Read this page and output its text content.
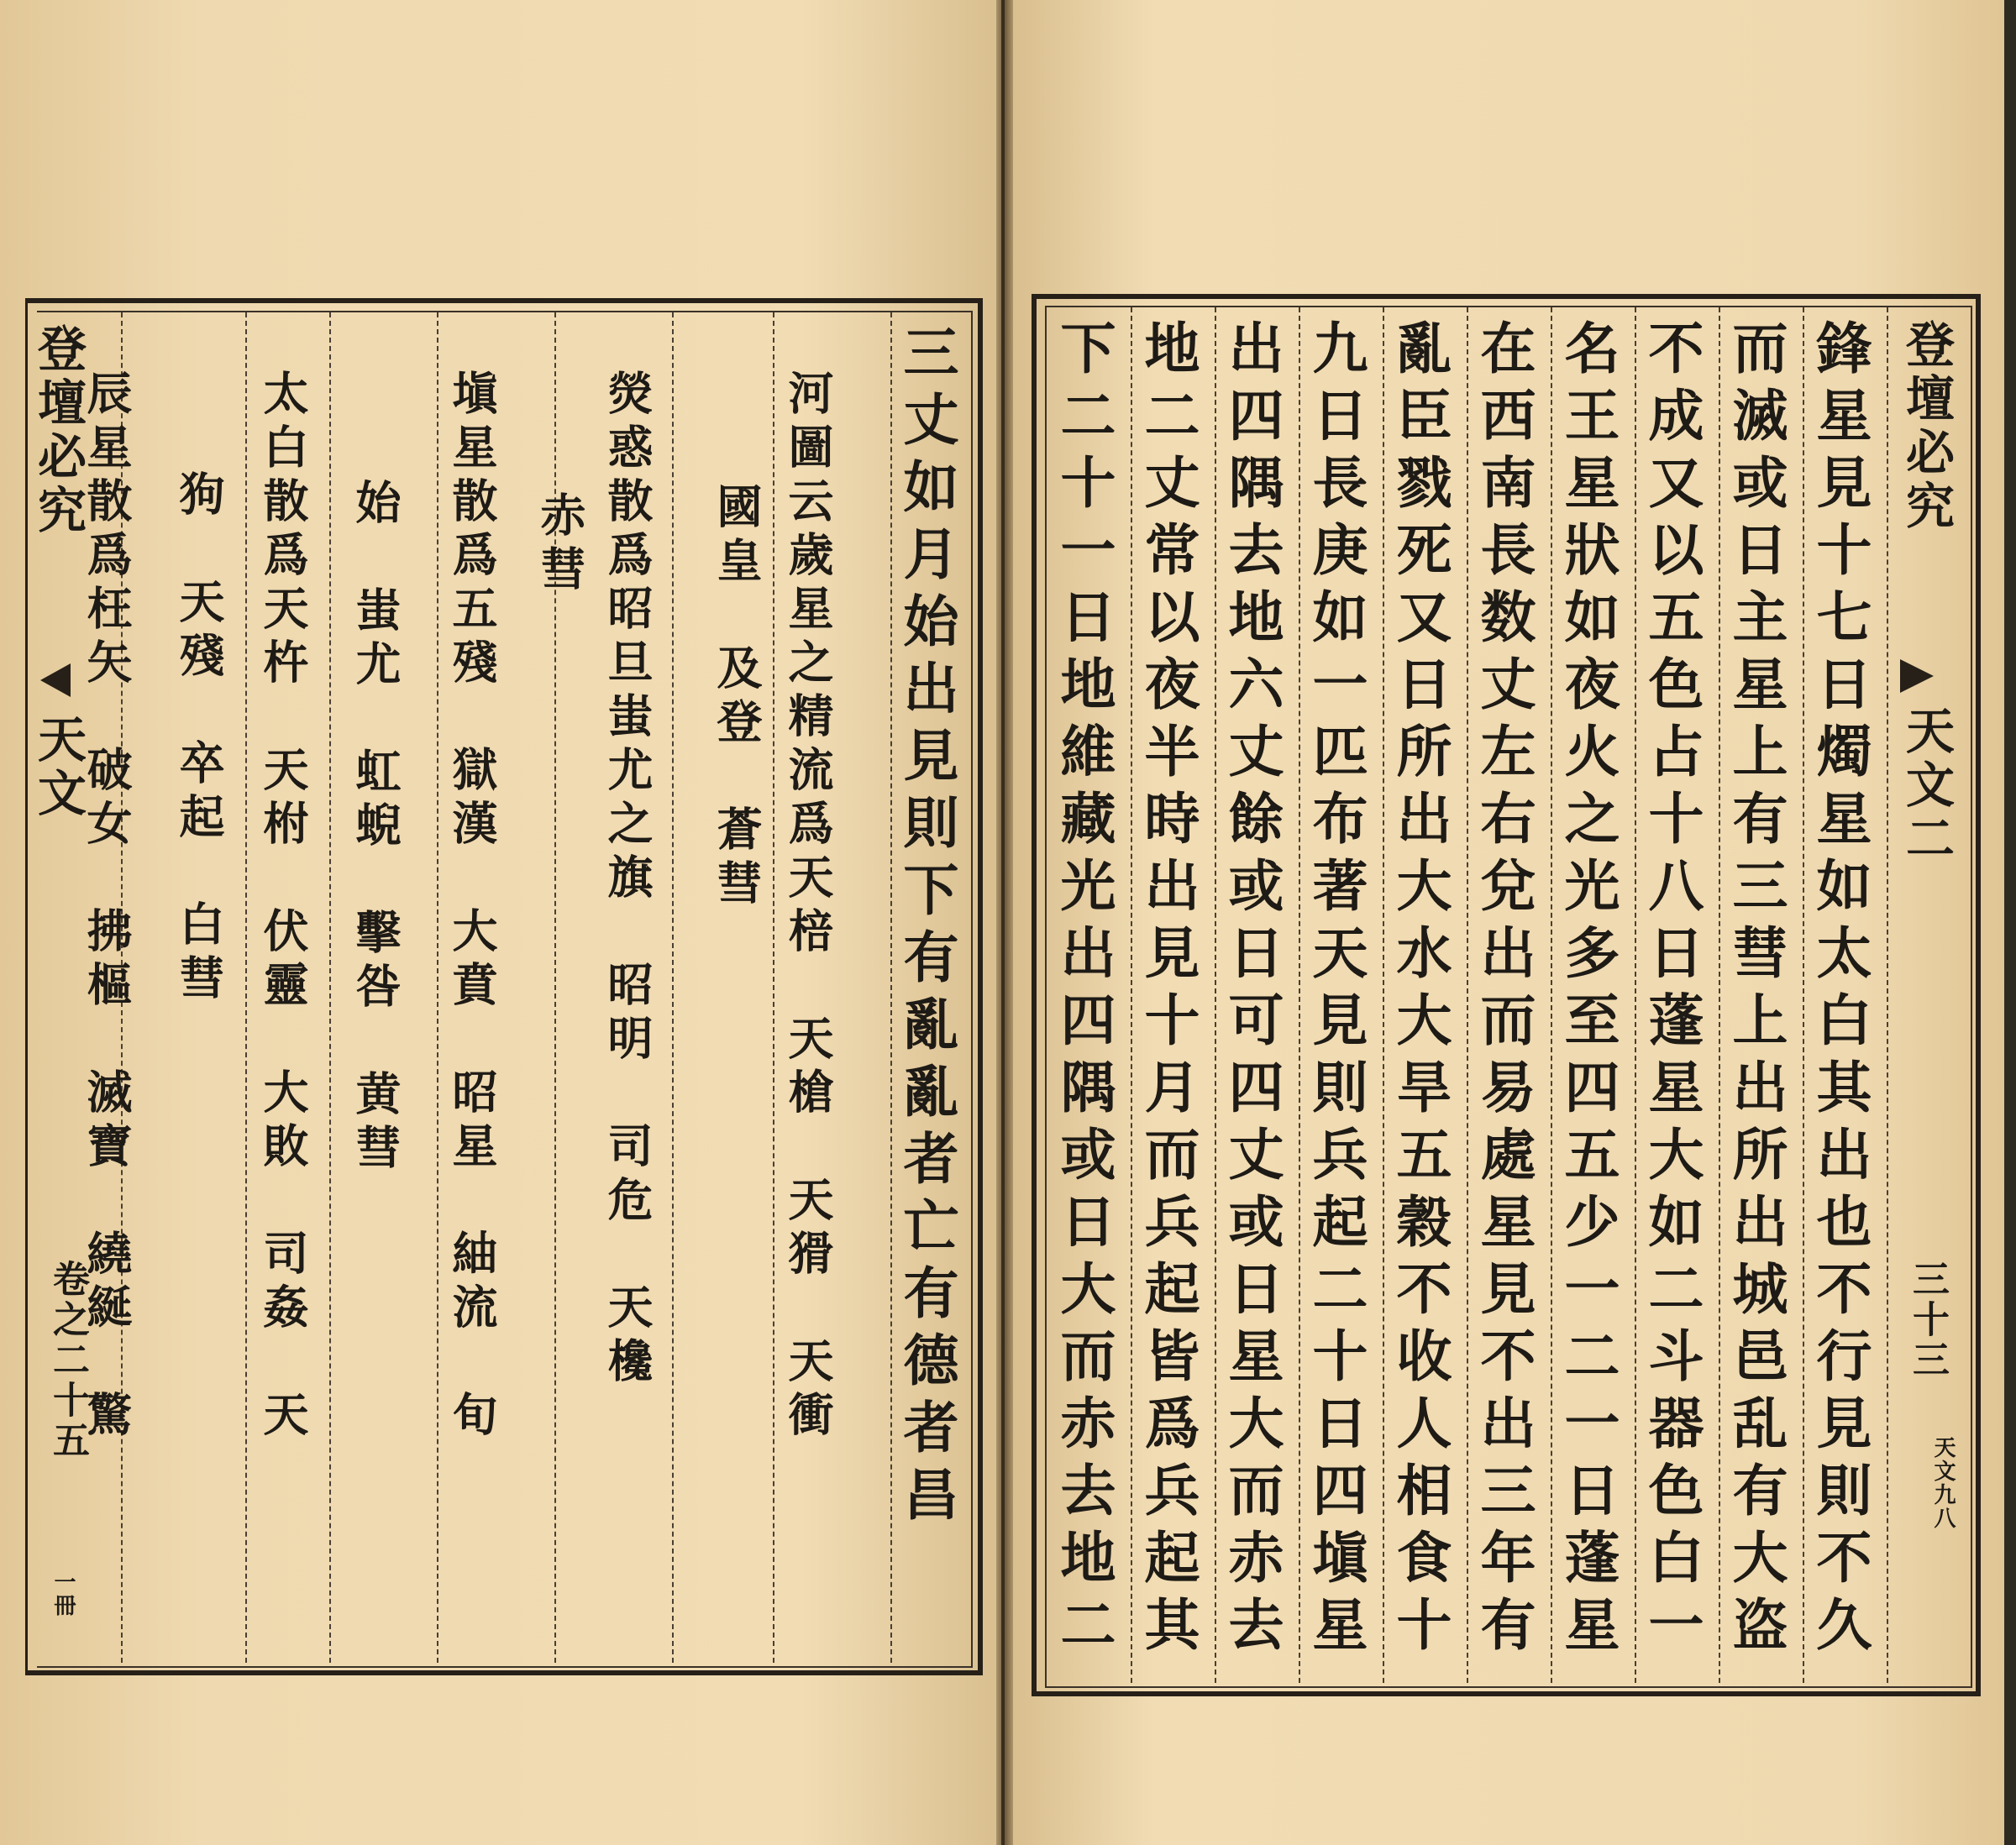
登壇必究
天文
卷之二十五
一冊
三丈如月始出見則下有亂亂者亡有德者昌
河圖云歲星之精流爲天棓　天槍　天猾　天衝
國皇　及登　蒼彗
熒惑散爲昭旦蚩尤之旗　昭明　司危　天欃
赤彗
塡星散爲五殘　獄漢　大賁　昭星　紬流　旬
始　蚩尤　虹蜺　擊咎　黄彗
太白散爲天杵　天柎　伏靈　大敗　司姦　天
狗　天殘　卒起　白彗
辰星散爲枉矢　破女　拂樞　滅寶　繞綖　驚	鋒星見十七日燭星如太白其出也不行見則不久
而滅或日主星上有三彗上出所出城邑乱有大盗
不成又以五色占十八日蓬星大如二斗器色白一
名王星狀如夜火之光多至四五少一二一日蓬星
在西南長数丈左右兌出而易處星見不出三年有
亂臣戮死又日所出大水大旱五穀不收人相食十
九日長庚如一匹布著天見則兵起二十日四塡星
出四隅去地六丈餘或日可四丈或日星大而赤去
地二丈常以夜半時出見十月而兵起皆爲兵起其
下二十一日地維藏光出四隅或日大而赤去地二	登壇必究
天文二
三十三
天文九八
